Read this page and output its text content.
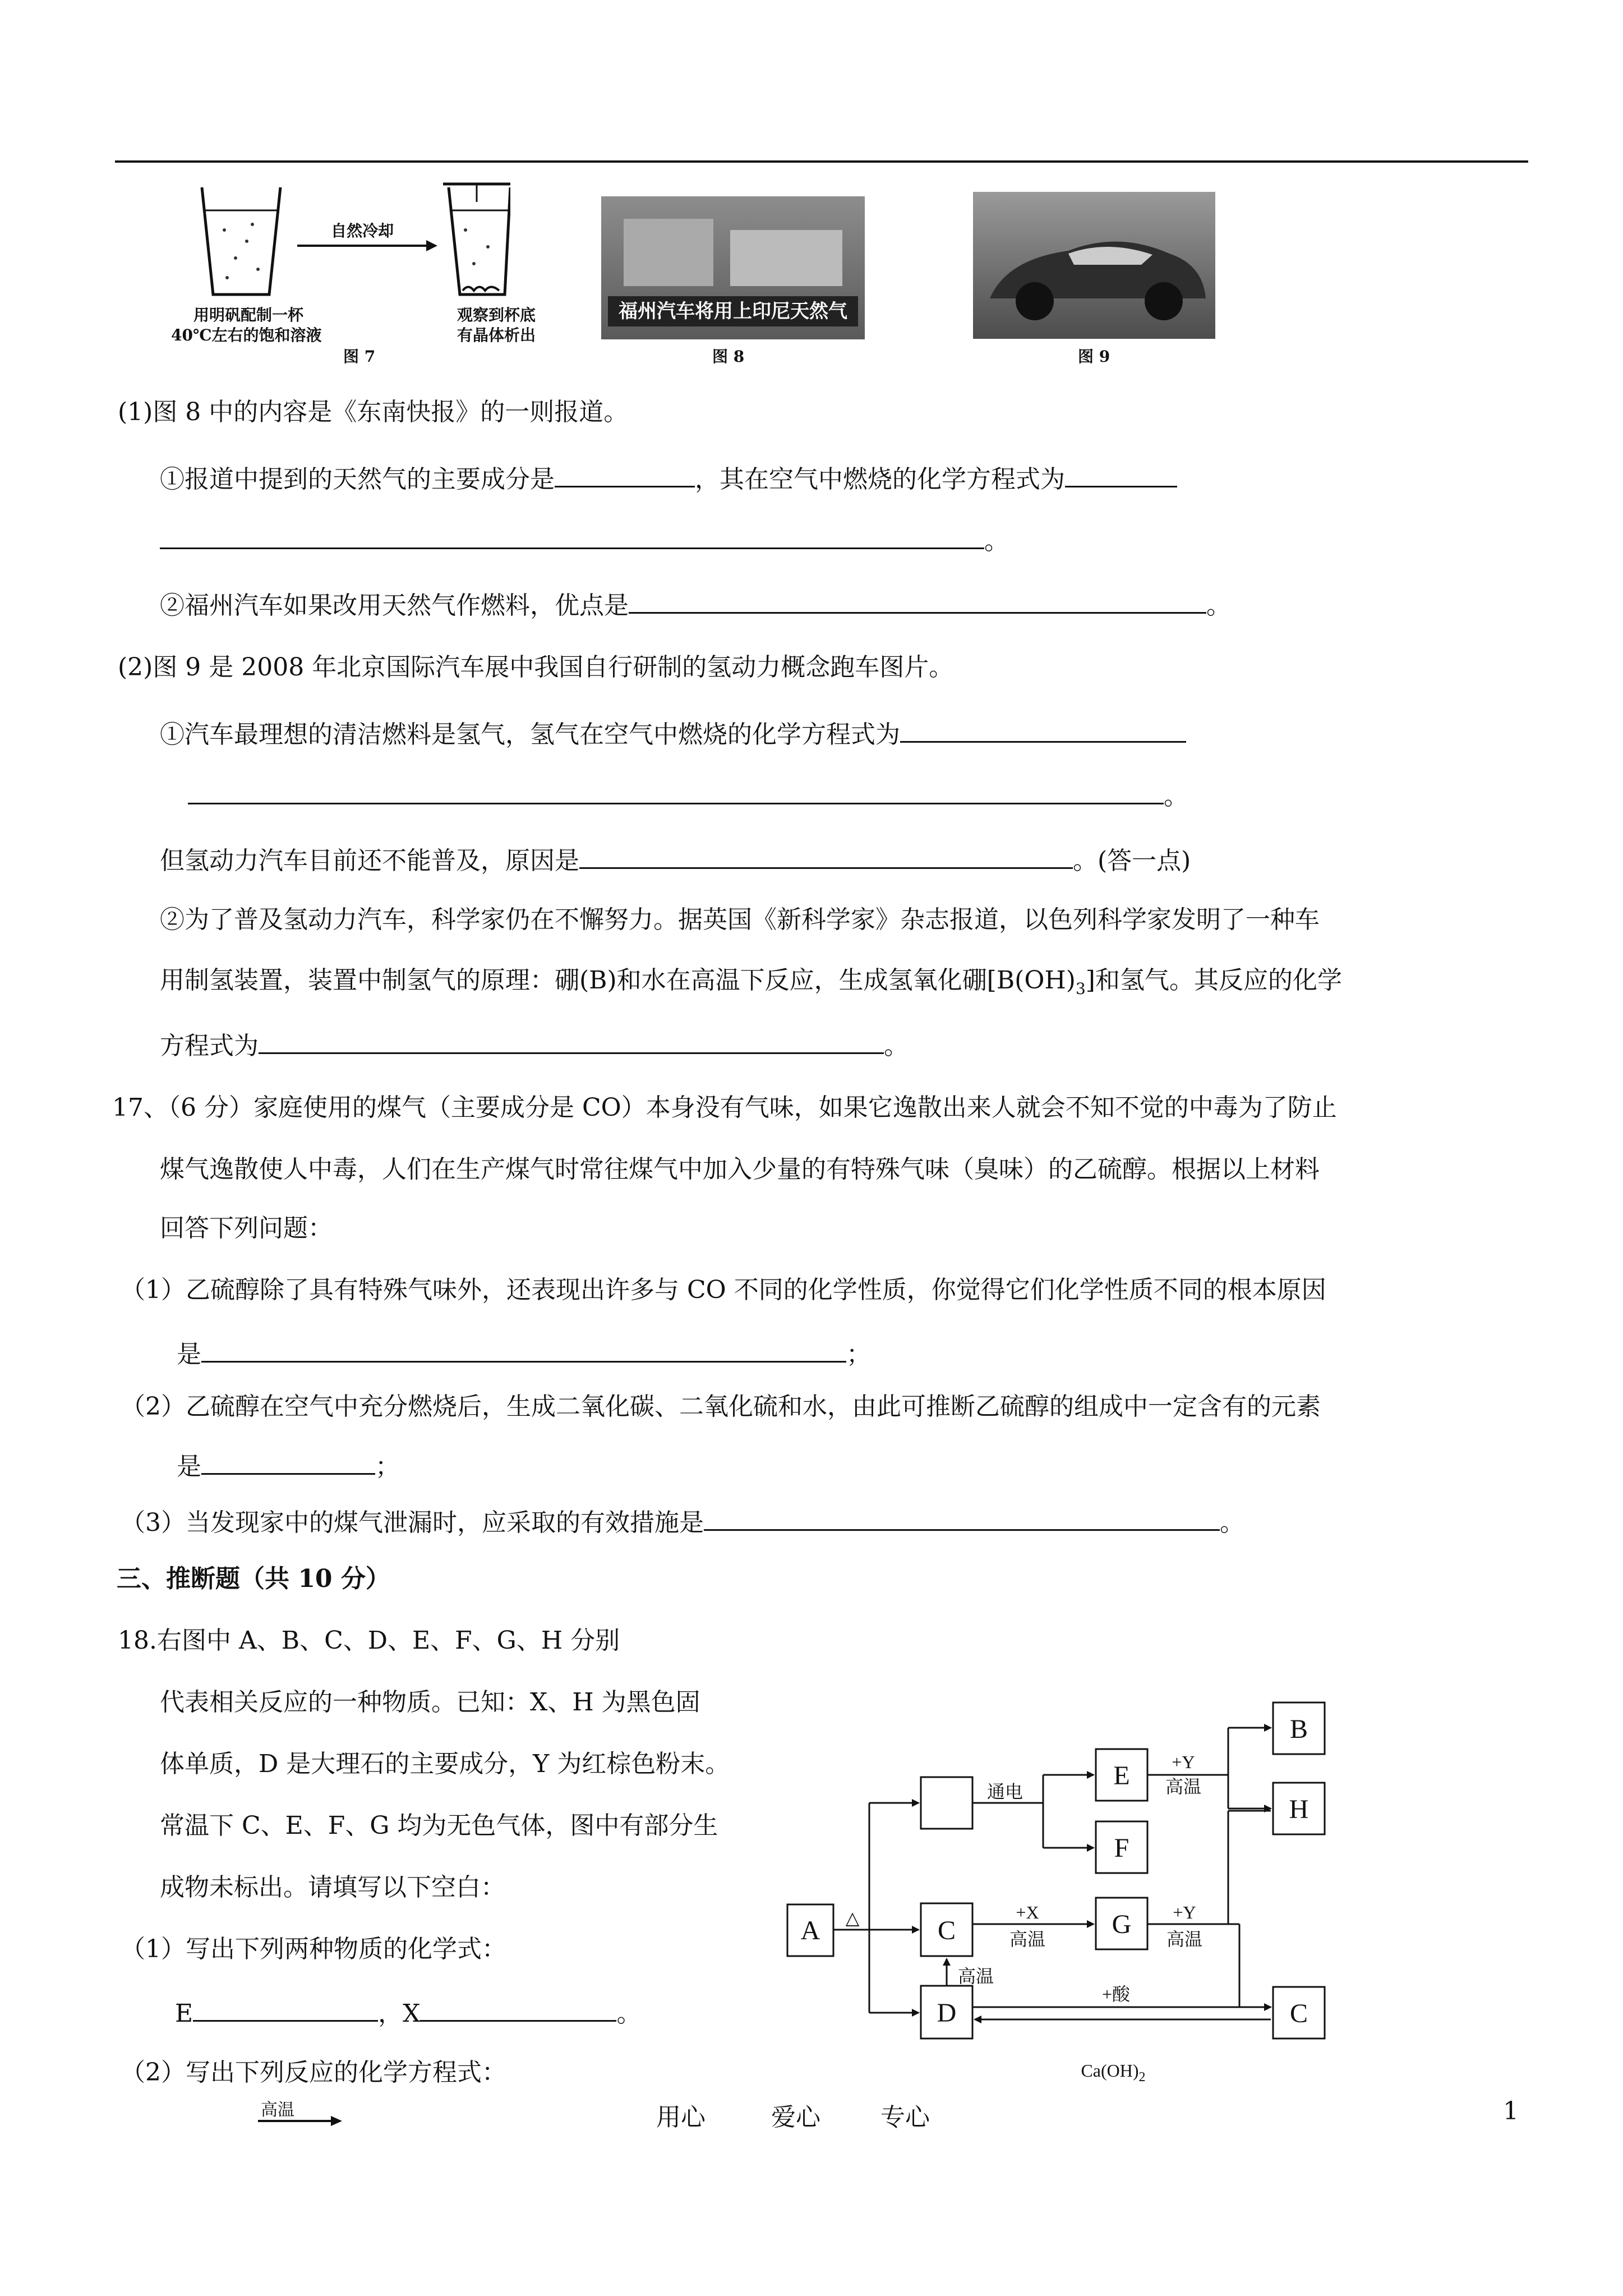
自然冷却
用明矾配制一杯
40℃左右的饱和溶液
观察到杯底
有晶体析出
图 7
福州汽车将用上印尼天然气
图 8	图 9
(1)图 8 中的内容是《东南快报》的一则报道。
①报道中提到的天然气的主要成分是	，其在空气中燃烧的化学方程式为
。
②福州汽车如果改用天然气作燃料，优点是	。
(2)图 9 是 2008 年北京国际汽车展中我国自行研制的氢动力概念跑车图片。
①汽车最理想的清洁燃料是氢气，氢气在空气中燃烧的化学方程式为
。
但氢动力汽车目前还不能普及，原因是	。(答一点)
②为了普及氢动力汽车，科学家仍在不懈努力。据英国《新科学家》杂志报道，以色列科学家发明了一种车
用制氢装置，装置中制氢气的原理：硼(B)和水在高温下反应，生成氢氧化硼$[B(OH)_3]$和氢气。其反应的化学
方程式为	。
17、（6 分）家庭使用的煤气（主要成分是 CO）本身没有气味，如果它逸散出来人就会不知不觉的中毒为了防止
煤气逸散使人中毒，人们在生产煤气时常往煤气中加入少量的有特殊气味（臭味）的乙硫醇。根据以上材料
回答下列问题：
（1）乙硫醇除了具有特殊气味外，还表现出许多与 CO 不同的化学性质，你觉得它们化学性质不同的根本原因
是	；
（2）乙硫醇在空气中充分燃烧后，生成二氧化碳、二氧化硫和水，由此可推断乙硫醇的组成中一定含有的元素
是	；
（3）当发现家中的煤气泄漏时，应采取的有效措施是	。
三、推断题（共 10 分）
18.右图中 A、B、C、D、E、F、G、H 分别
代表相关反应的一种物质。已知：X、H 为黑色固
体单质，D 是大理石的主要成分，Y 为红棕色粉末。
常温下 C、E、F、G 均为无色气体，图中有部分生
成物未标出。请填写以下空白：
（1）写出下列两种物质的化学式：
E	，X	。
（2）写出下列反应的化学方程式：
高温
A	C
D
E
F
G
B
H
C
通电
+Y
高温
△	+X
高温
+Y
高温
高温
+酸
$Ca(OH)_2$
用心	爱心 专心	1
